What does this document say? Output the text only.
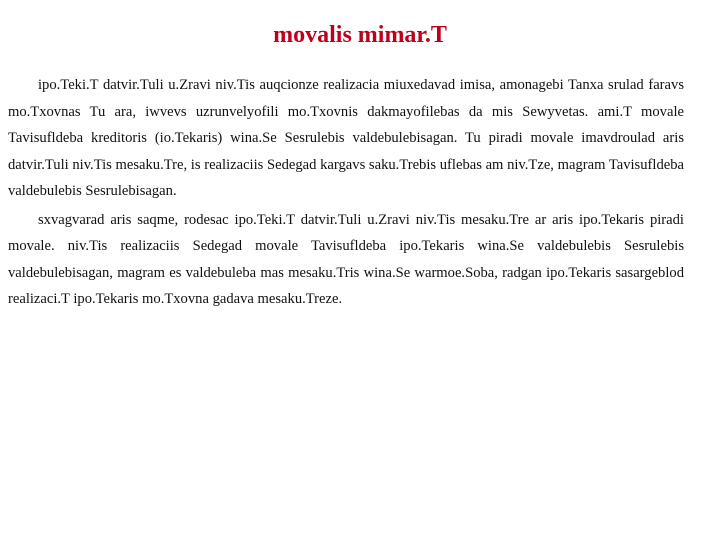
movalis mimar.T

ipo.Teki.T datvir.Tuli u.Zravi niv.Tis auqcionze realizacia miuxedavad imisa, amonagebi Tanxa srulad faravs mo.Txovnas Tu ara, iwvevs uzrunvelyofili mo.Txovnis dakmayofilebas da mis Sewyvetas. ami.T movale Tavisufldeba kreditoris (io.Tekaris) wina.Se Sesrulebis valdebulebisagan. Tu piradi movale imavdroulad aris datvir.Tuli niv.Tis mesaku.Tre, is realizaciis Sedegad kargavs saku.Trebis uflebas am niv.Tze, magram Tavisufldeba valdebulebis Sesrulebisagan.

sxvagvarad aris saqme, rodesac ipo.Teki.T datvir.Tuli u.Zravi niv.Tis mesaku.Tre ar aris ipo.Tekaris piradi movale. niv.Tis realizaciis Sedegad movale Tavisufldeba ipo.Tekaris wina.Se valdebulebis Sesrulebis valdebulebisagan, magram es valdebuleba mas mesaku.Tris wina.Se warmoe.Soba, radgan ipo.Tekaris sasargeblod realizaci.T ipo.Tekaris mo.Txovna gadava mesaku.Treze.
